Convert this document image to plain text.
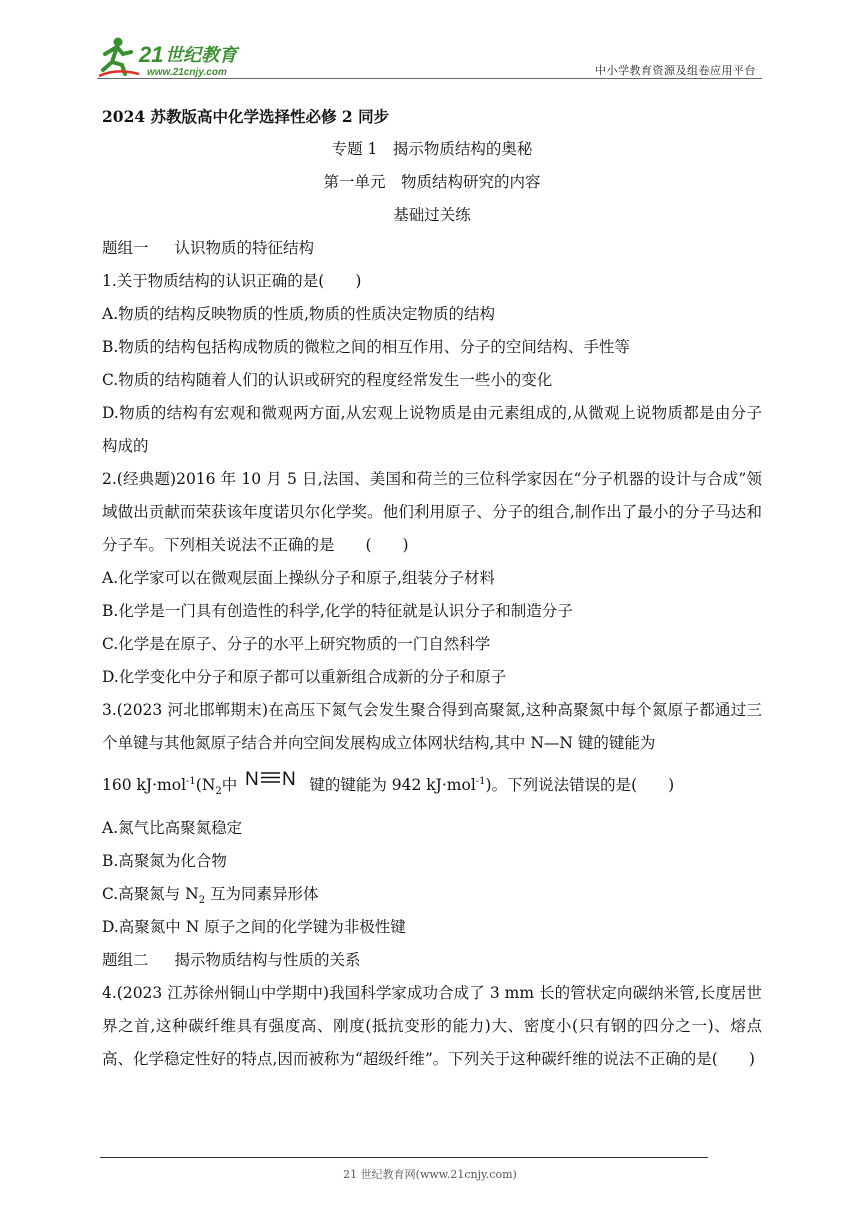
21 世纪教育
www.21cnjy.com	中小学教育资源及组卷应用平台
2024 苏教版高中化学选择性必修 2 同步
专题 1　揭示物质结构的奥秘
第一单元　物质结构研究的内容
基础过关练
题组一 认识物质的特征结构
1.关于物质结构的认识正确的是(　　)
A.物质的结构反映物质的性质,物质的性质决定物质的结构
B.物质的结构包括构成物质的微粒之间的相互作用、分子的空间结构、手性等
C.物质的结构随着人们的认识或研究的程度经常发生一些小的变化
D.物质的结构有宏观和微观两方面,从宏观上说物质是由元素组成的,从微观上说物质都是由分子构成的
2.(经典题)2016 年 10 月 5 日,法国、美国和荷兰的三位科学家因在“分子机器的设计与合成”领域做出贡献而荣获该年度诺贝尔化学奖。他们利用原子、分子的组合,制作出了最小的分子马达和分子车。下列相关说法不正确的是　　(　　)
A.化学家可以在微观层面上操纵分子和原子,组装分子材料
B.化学是一门具有创造性的科学,化学的特征就是认识分子和制造分子
C.化学是在原子、分子的水平上研究物质的一门自然科学
D.化学变化中分子和原子都可以重新组合成新的分子和原子
3.(2023 河北邯郸期末)在高压下氮气会发生聚合得到高聚氮,这种高聚氮中每个氮原子都通过三个单键与其他氮原子结合并向空间发展构成立体网状结构,其中 N—N 键的键能为
160 $kJ\cdot mol^{-1}(N_2$中 N N 键的键能为 942 kJ·mol$^{-1}$)。下列说法错误的是(　　)
A.氮气比高聚氮稳定
B.高聚氮为化合物
C.高聚氮与 $N_2$ 互为同素异形体
D.高聚氮中 N 原子之间的化学键为非极性键
题组二 揭示物质结构与性质的关系
4.(2023 江苏徐州铜山中学期中)我国科学家成功合成了 3 mm 长的管状定向碳纳米管,长度居世界之首,这种碳纤维具有强度高、刚度(抵抗变形的能力)大、密度小(只有钢的四分之一)、熔点高、化学稳定性好的特点,因而被称为“超级纤维”。下列关于这种碳纤维的说法不正确的是(　　)
21 世纪教育网(www.21cnjy.com)
